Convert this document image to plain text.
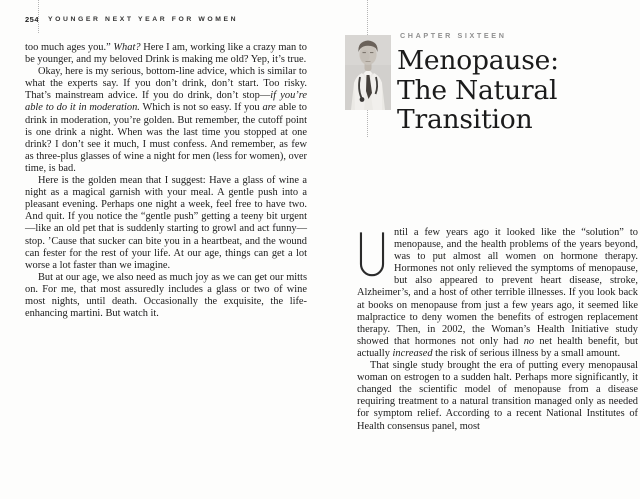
254 YOUNGER NEXT YEAR FOR WOMEN

too much ages you.” What? Here I am, working like a crazy man to be younger, and my beloved Drink is making me old? Yep, it’s true.

Okay, here is my serious, bottom-line advice, which is similar to what the experts say. If you don’t drink, don’t start. Too risky. That’s mainstream advice. If you do drink, don’t stop—if you’re able to do it in moderation. Which is not so easy. If you are able to drink in moderation, you’re golden. But remember, the cutoff point is one drink a night. When was the last time you stopped at one drink? I don’t see it much, I must confess. And remember, as few as three-plus glasses of wine a night for men (less for women), over time, is bad.

Here is the golden mean that I suggest: Have a glass of wine a night as a magical garnish with your meal. A gentle push into a pleasant evening. Perhaps one night a week, feel free to have two. And quit. If you notice the “gentle push” getting a teeny bit urgent—like an old pet that is suddenly starting to growl and act funny—stop. ’Cause that sucker can bite you in a heartbeat, and the wound can fester for the rest of your life. At our age, things can get a lot worse a lot faster than we imagine.

But at our age, we also need as much joy as we can get our mitts on. For me, that most assuredly includes a glass or two of wine most nights, until death. Occasionally the exquisite, the life-enhancing martini. But watch it.

CHAPTER SIXTEEN
Menopause:
The Natural
Transition

ntil a few years ago it looked like the “solution” to menopause, and the health problems of the years beyond, was to put almost all women on hormone therapy. Hormones not only relieved the symptoms of menopause, but also appeared to prevent heart disease, stroke, Alzheimer’s, and a host of other terrible illnesses. If you look back at books on menopause from just a few years ago, it seemed like malpractice to deny women the benefits of estrogen replacement therapy. Then, in 2002, the Woman’s Health Initiative study showed that hormones not only had no net health benefit, but actually increased the risk of serious illness by a small amount.

That single study brought the era of putting every menopausal woman on estrogen to a sudden halt. Perhaps more significantly, it changed the scientific model of menopause from a disease requiring treatment to a natural transition managed only as needed for symptom relief. According to a recent National Institutes of Health consensus panel, most
